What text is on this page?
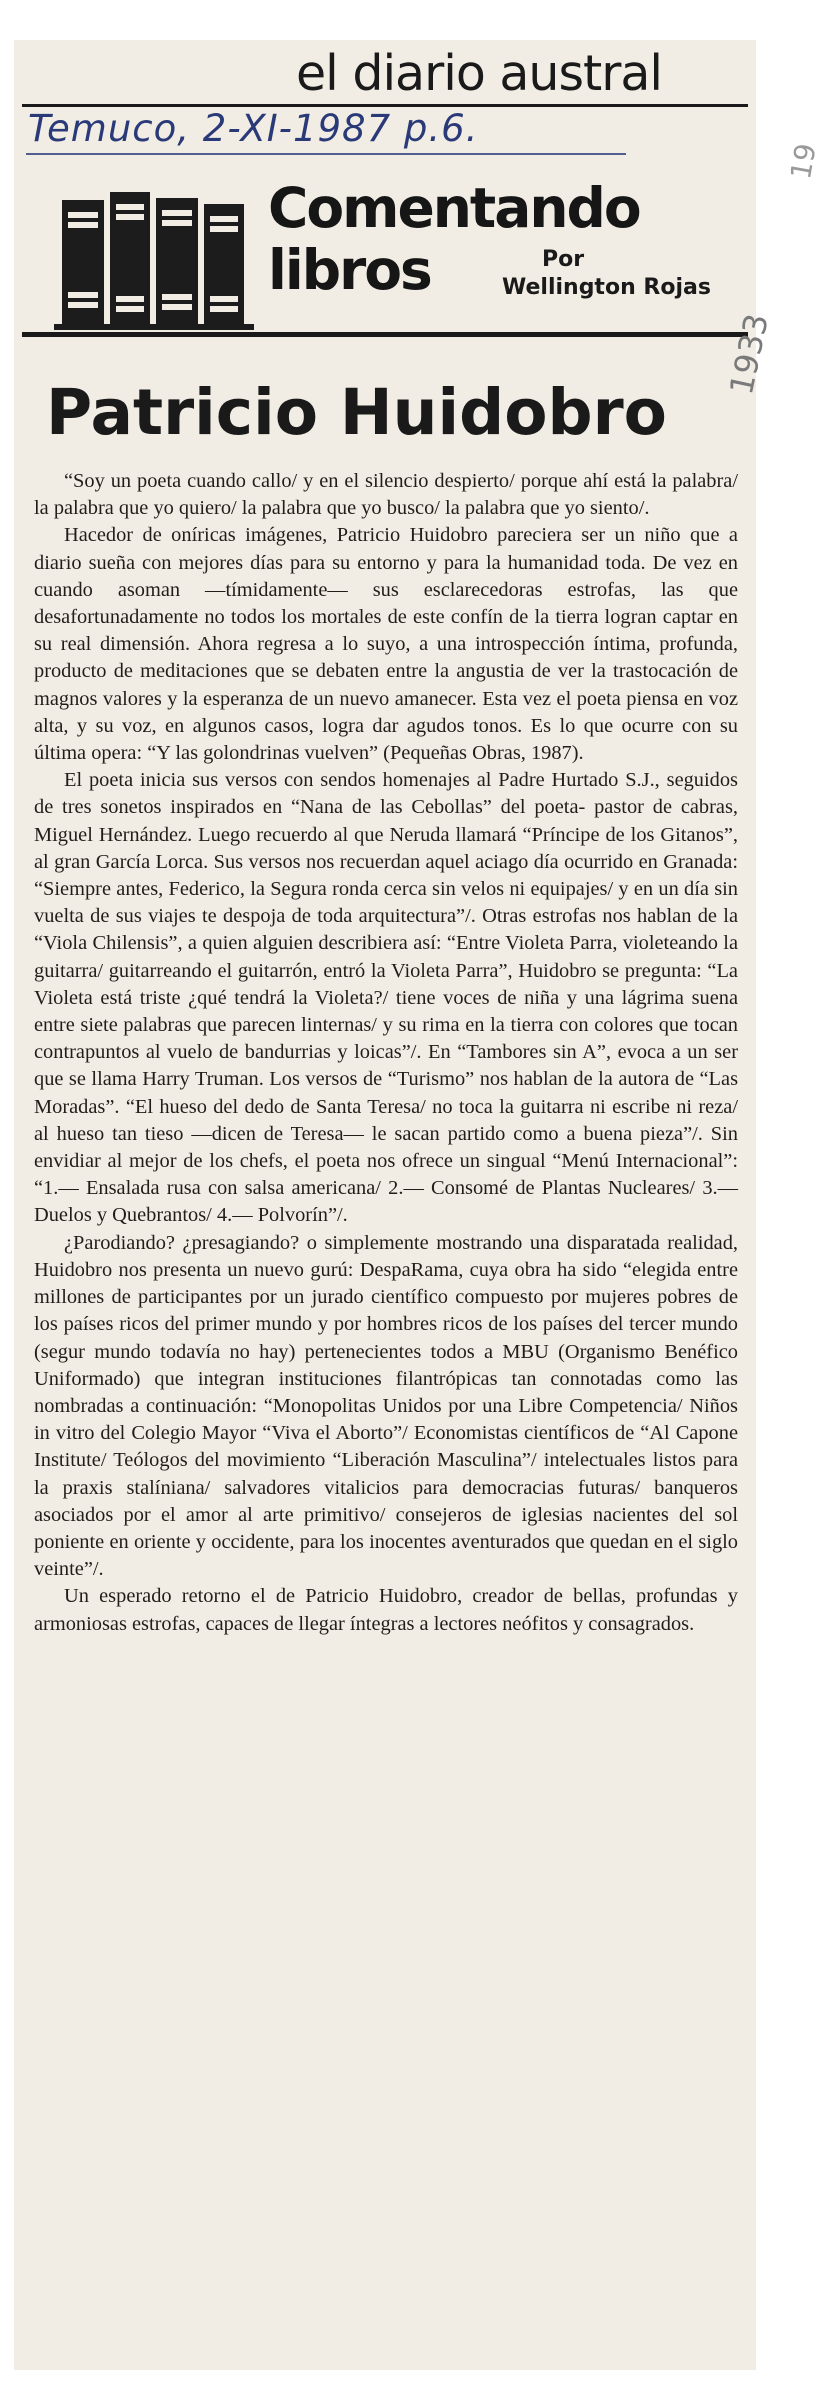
el diario austral
Temuco, 2-XI-1987 p.6.
Comentando
libros	Por
Wellington Rojas
19
1933
Patricio Huidobro

“Soy un poeta cuando callo/ y en el silencio despierto/ porque ahí está la palabra/ la palabra que yo quiero/ la palabra que yo busco/ la palabra que yo siento/.

Hacedor de oníricas imágenes, Patricio Huidobro pareciera ser un niño que a diario sueña con mejores días para su entorno y para la humanidad toda. De vez en cuando asoman —tímidamente— sus esclarecedoras estrofas, las que desafortunadamente no todos los mortales de este confín de la tierra logran captar en su real dimensión. Ahora regresa a lo suyo, a una introspección íntima, profunda, producto de meditaciones que se debaten entre la angustia de ver la trastocación de magnos valores y la esperanza de un nuevo amanecer. Esta vez el poeta piensa en voz alta, y su voz, en algunos casos, logra dar agudos tonos. Es lo que ocurre con su última opera: “Y las golondrinas vuelven” (Pequeñas Obras, 1987).

El poeta inicia sus versos con sendos homenajes al Padre Hurtado S.J., seguidos de tres sonetos inspirados en “Nana de las Cebollas” del poeta- pastor de cabras, Miguel Hernández. Luego recuerdo al que Neruda llamará “Príncipe de los Gitanos”, al gran García Lorca. Sus versos nos recuerdan aquel aciago día ocurrido en Granada: “Siempre antes, Federico, la Segura ronda cerca sin velos ni equipajes/ y en un día sin vuelta de sus viajes te despoja de toda arquitectura”/. Otras estrofas nos hablan de la “Viola Chilensis”, a quien alguien describiera así: “Entre Violeta Parra, violeteando la guitarra/ guitarreando el guitarrón, entró la Violeta Parra”, Huidobro se pregunta: “La Violeta está triste ¿qué tendrá la Violeta?/ tiene voces de niña y una lágrima suena entre siete palabras que parecen linternas/ y su rima en la tierra con colores que tocan contrapuntos al vuelo de bandurrias y loicas”/. En “Tambores sin A”, evoca a un ser que se llama Harry Truman. Los versos de “Turismo” nos hablan de la autora de “Las Moradas”. “El hueso del dedo de Santa Teresa/ no toca la guitarra ni escribe ni reza/ al hueso tan tieso —dicen de Teresa— le sacan partido como a buena pieza”/. Sin envidiar al mejor de los chefs, el poeta nos ofrece un singual “Menú Internacional”: “1.— Ensalada rusa con salsa americana/ 2.— Consomé de Plantas Nucleares/ 3.— Duelos y Quebrantos/ 4.— Polvorín”/.

¿Parodiando? ¿presagiando? o simplemente mostrando una disparatada realidad, Huidobro nos presenta un nuevo gurú: DespaRama, cuya obra ha sido “elegida entre millones de participantes por un jurado científico compuesto por mujeres pobres de los países ricos del primer mundo y por hombres ricos de los países del tercer mundo (segur mundo todavía no hay) pertenecientes todos a MBU (Organismo Benéfico Uniformado) que integran instituciones filantrópicas tan connotadas como las nombradas a continuación: “Monopolitas Unidos por una Libre Competencia/ Niños in vitro del Colegio Mayor “Viva el Aborto”/ Economistas científicos de “Al Capone Institute/ Teólogos del movimiento “Liberación Masculina”/ intelectuales listos para la praxis stalíniana/ salvadores vitalicios para democracias futuras/ banqueros asociados por el amor al arte primitivo/ consejeros de iglesias nacientes del sol poniente en oriente y occidente, para los inocentes aventurados que quedan en el siglo veinte”/.

Un esperado retorno el de Patricio Huidobro, creador de bellas, profundas y armoniosas estrofas, capaces de llegar íntegras a lectores neófitos y consagrados.
